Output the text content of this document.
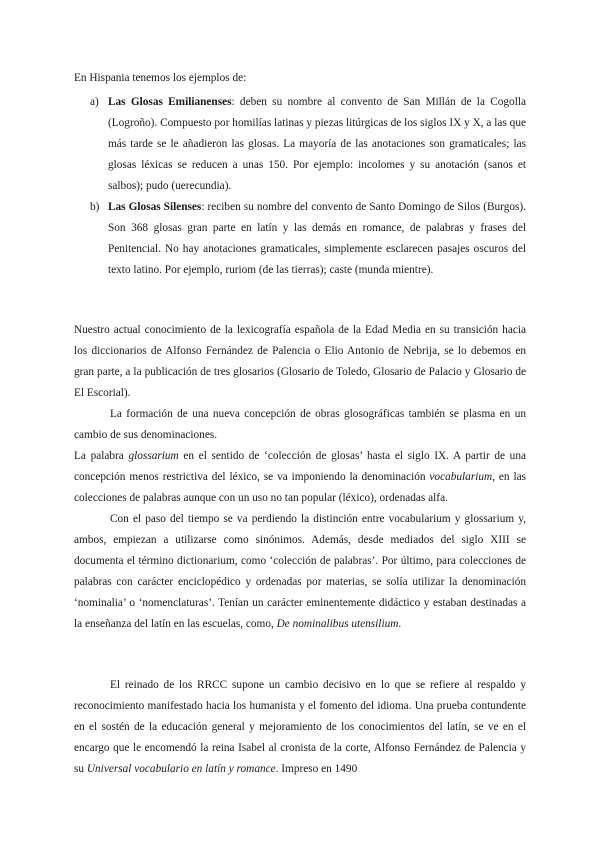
En Hispania tenemos los ejemplos de:
a) Las Glosas Emilianenses: deben su nombre al convento de San Millán de la Cogolla (Logroño). Compuesto por homilías latinas y piezas litúrgicas de los siglos IX y X, a las que más tarde se le añadieron las glosas. La mayoría de las anotaciones son gramaticales; las glosas léxicas se reducen a unas 150. Por ejemplo: incolomes y su anotación (sanos et salbos); pudo (uerecundia).
b) Las Glosas Silenses: reciben su nombre del convento de Santo Domingo de Silos (Burgos). Son 368 glosas gran parte en latín y las demás en romance, de palabras y frases del Penitencial. No hay anotaciones gramaticales, simplemente esclarecen pasajes oscuros del texto latino. Por ejemplo, ruriom (de las tierras); caste (munda mientre).

Nuestro actual conocimiento de la lexicografía española de la Edad Media en su transición hacia los diccionarios de Alfonso Fernández de Palencia o Elio Antonio de Nebrija, se lo debemos en gran parte, a la publicación de tres glosarios (Glosario de Toledo, Glosario de Palacio y Glosario de El Escorial).

La formación de una nueva concepción de obras glosográficas también se plasma en un cambio de sus denominaciones.

La palabra glossarium en el sentido de ‘colección de glosas’ hasta el siglo IX. A partir de una concepción menos restrictiva del léxico, se va imponiendo la denominación vocabularium, en las colecciones de palabras aunque con un uso no tan popular (léxico), ordenadas alfa.

Con el paso del tiempo se va perdiendo la distinción entre vocabularium y glossarium y, ambos, empiezan a utilizarse como sinónimos. Además, desde mediados del siglo XIII se documenta el término dictionarium, como ‘colección de palabras’. Por último, para colecciones de palabras con carácter enciclopédico y ordenadas por materias, se solía utilizar la denominación ‘nominalia’ o ‘nomenclaturas’. Tenían un carácter eminentemente didáctico y estaban destinadas a la enseñanza del latín en las escuelas, como, De nominalibus utensilium.

El reinado de los RRCC supone un cambio decisivo en lo que se refiere al respaldo y reconocimiento manifestado hacia los humanista y el fomento del idioma. Una prueba contundente en el sostén de la educación general y mejoramiento de los conocimientos del latín, se ve en el encargo que le encomendó la reina Isabel al cronista de la corte, Alfonso Fernández de Palencia y su Universal vocabulario en latín y romance. Impreso en 1490
